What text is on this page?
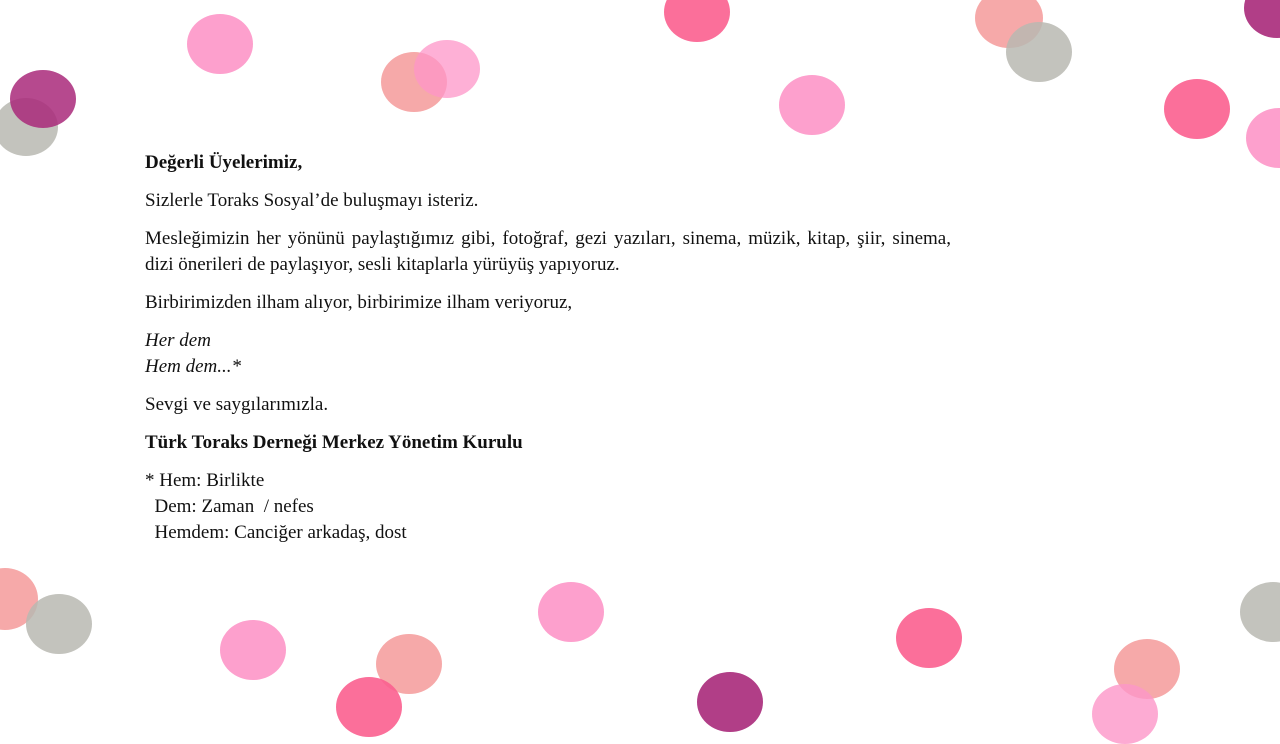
Değerli Üyelerimiz,

Sizlerle Toraks Sosyal’de buluşmayı isteriz.

Mesleğimizin her yönünü paylaştığımız gibi, fotoğraf, gezi yazıları, sinema, müzik, kitap, şiir, sinema, dizi önerileri de paylaşıyor, sesli kitaplarla yürüyüş yapıyoruz.

Birbirimizden ilham alıyor, birbirimize ilham veriyoruz,

Her dem
Hem dem...*

Sevgi ve saygılarımızla.

Türk Toraks Derneği Merkez Yönetim Kurulu

* Hem: Birlikte
Dem: Zaman  / nefes
Hemdem: Canciğer arkadaş, dost
